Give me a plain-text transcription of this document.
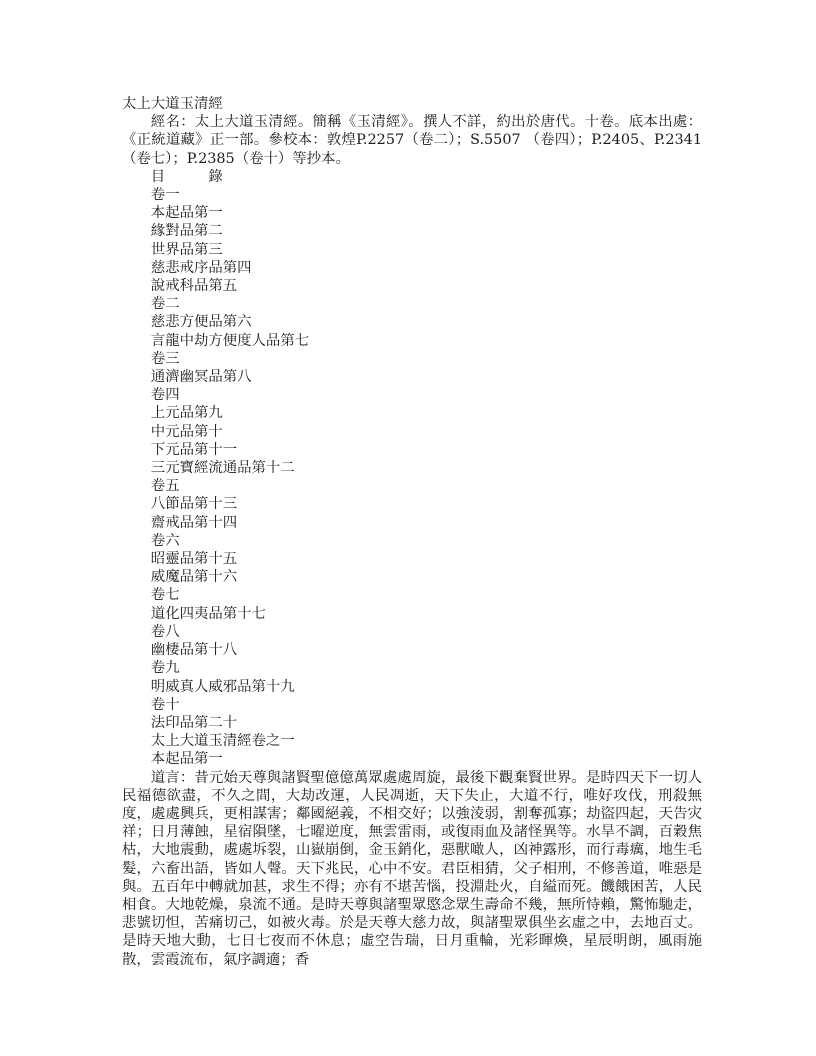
太上大道玉清經
經名：太上大道玉清經。簡稱《玉清經》。撰人不詳，約出於唐代。十卷。底本出處：《正統道藏》正一部。參校本：敦煌P.2257（卷二）；S.5507 （卷四）；P.2405、P.2341（卷七）；P.2385（卷十）等抄本。
目	錄
卷一
本起品第一
緣對品第二
世界品第三
慈悲戒序品第四
說戒科品第五
卷二
慈悲方便品第六
言龍中劫方便度人品第七
卷三
通濟幽冥品第八
卷四
上元品第九
中元品第十
下元品第十一
三元寶經流通品第十二
卷五
八節品第十三
齋戒品第十四
卷六
昭靈品第十五
威魔品第十六
卷七
道化四夷品第十七
卷八
幽棲品第十八
卷九
明威真人威邪品第十九
卷十
法印品第二十
太上大道玉清經卷之一
本起品第一
道言：昔元始天尊與諸賢聖億億萬眾處處周旋，最後下觀棄賢世界。是時四天下一切人民福德欲盡，不久之間，大劫改運，人民凋逝，天下失止，大道不行，唯好攻伐，刑殺無度，處處興兵，更相謀害；鄰國絕義，不相交好；以強淩弱，割奪孤寡；劫盜四起，天告灾祥；日月薄蝕，星宿隕墜，七曜逆度，無雲雷雨，或復雨血及諸怪異等。水旱不調，百穀焦枯，大地震動，處處坼裂，山嶽崩倒，金玉銷化，惡獸噉人，凶神露形，而行毒癘，地生毛髮，六畜出語，皆如人聲。天下兆民，心中不安。君臣相猜，父子相刑，不修善道，唯惡是與。五百年中轉就加甚，求生不得；亦有不堪苦惱，投淵赴火，自縊而死。饑餓困苦，人民相食。大地乾燥，泉流不通。是時天尊與諸聖眾愍念眾生壽命不幾，無所恃賴，驚怖馳走，悲號切怛，苦痛切己，如被火毒。於是天尊大慈力故，與諸聖眾俱坐玄虛之中，去地百丈。是時天地大動，七日七夜而不休息；虛空告瑞，日月重輪，光彩暉煥，星辰明朗，風雨施散，雲霞流布，氣序調適；香
